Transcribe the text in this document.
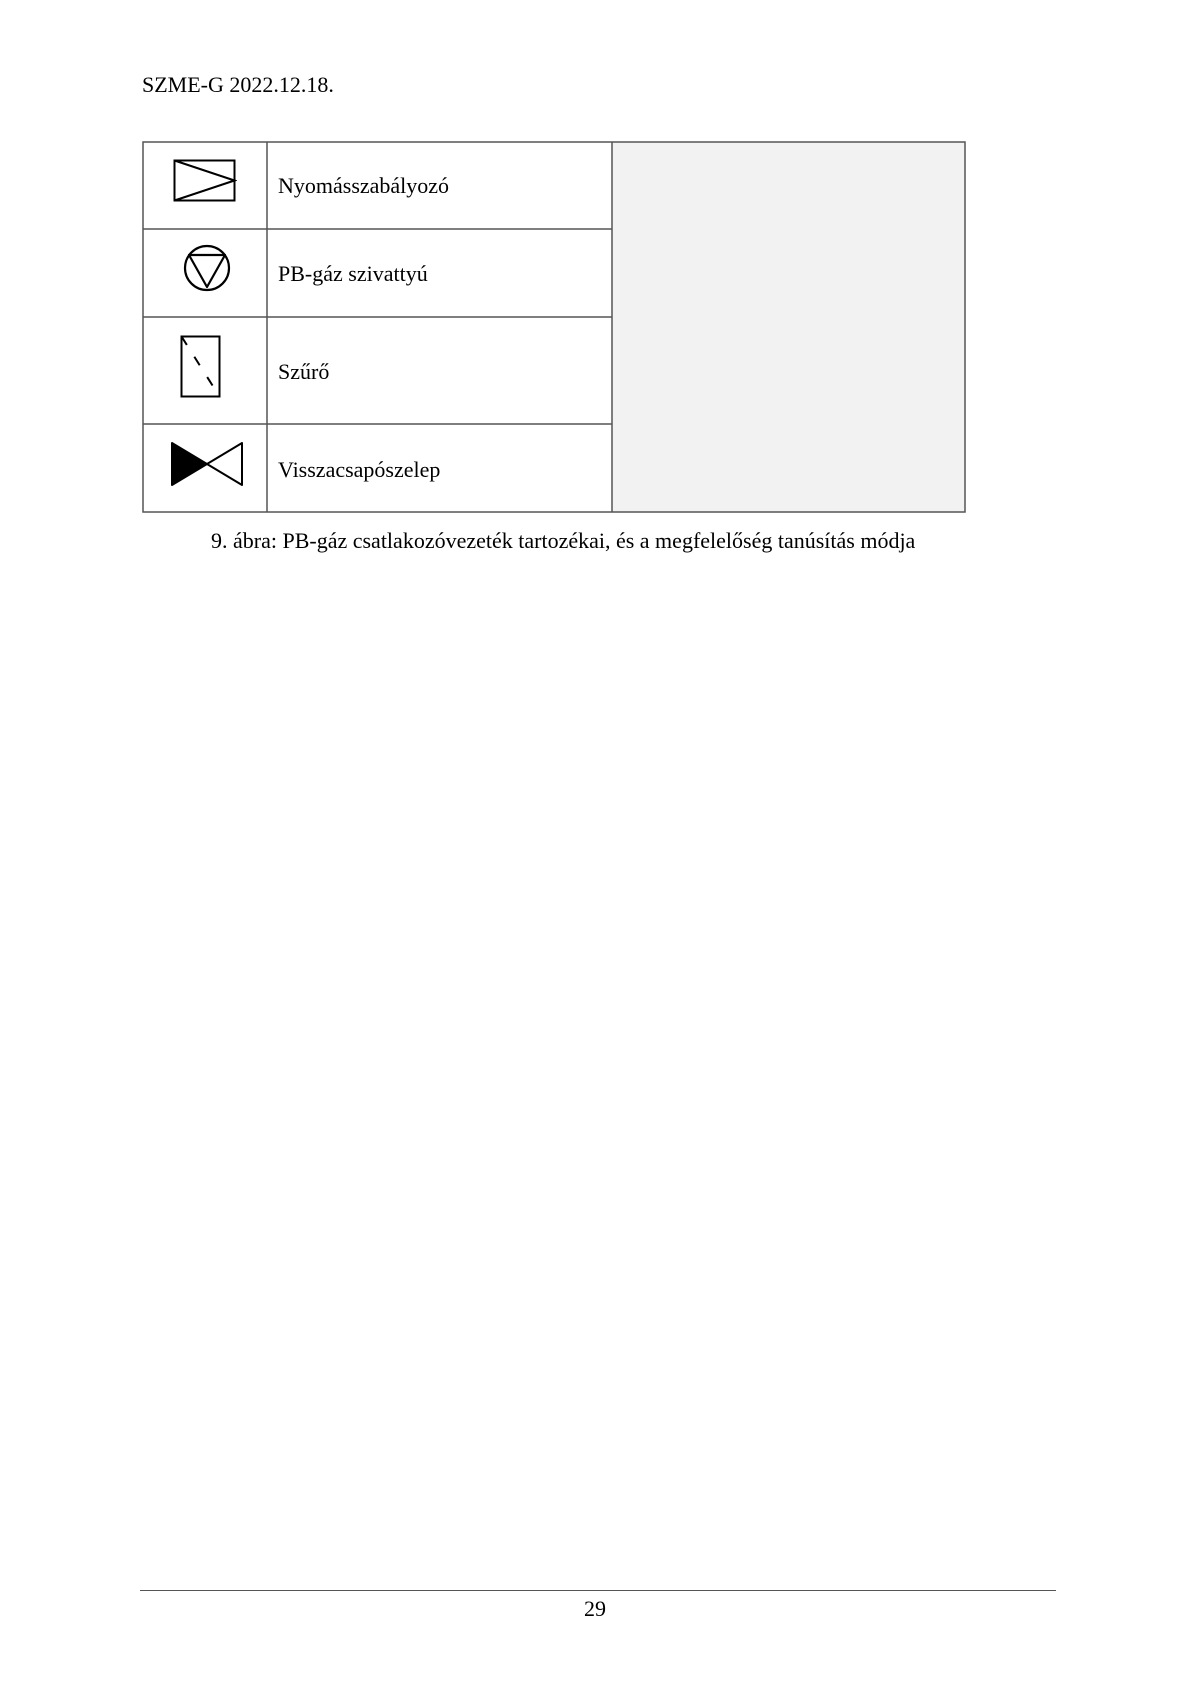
SZME-G 2022.12.18.
Nyomásszabályozó
PB-gáz szivattyú
Szűrő
Visszacsapószelep
9. ábra: PB-gáz csatlakozóvezeték tartozékai, és a megfelelőség tanúsítás módja
29
